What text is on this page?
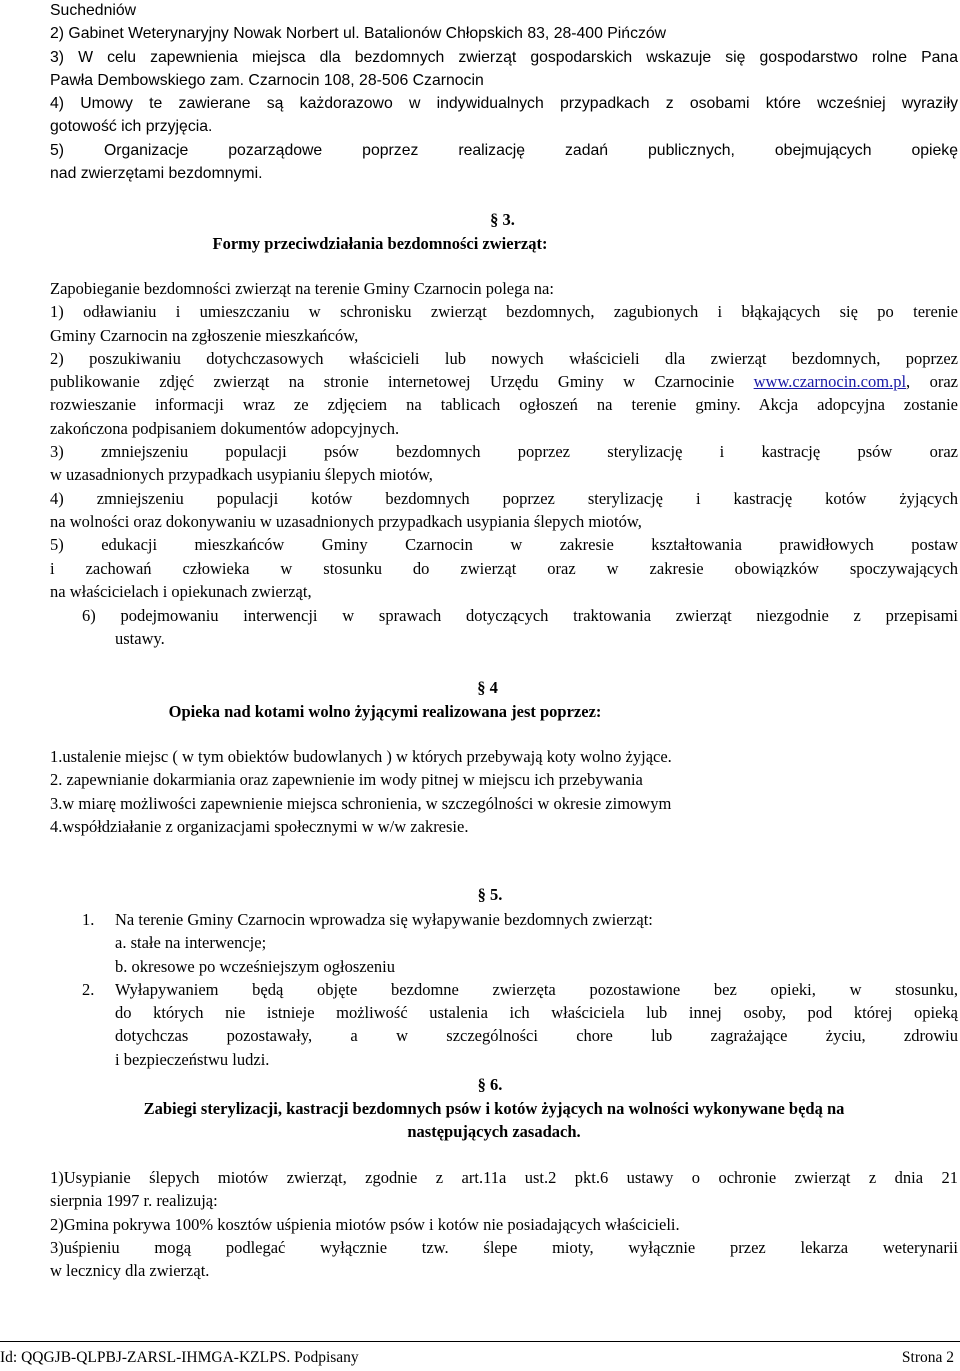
Suchedniów
2) Gabinet Weterynaryjny Nowak Norbert ul. Batalionów Chłopskich 83, 28-400 Pińczów
3) W celu zapewnienia miejsca dla bezdomnych zwierząt gospodarskich wskazuje się gospodarstwo rolne Pana
Pawła Dembowskiego zam. Czarnocin 108, 28-506 Czarnocin
4) Umowy te zawierane są każdorazowo w indywidualnych przypadkach z osobami które wcześniej wyraziły
gotowość ich przyjęcia.
5) Organizacje pozarządowe poprzez realizację zadań publicznych, obejmujących opiekę
nad zwierzętami bezdomnymi.
§ 3.
Formy przeciwdziałania bezdomności zwierząt:
Zapobieganie bezdomności zwierząt na terenie Gminy Czarnocin polega na:
1) odławianiu i umieszczaniu w schronisku zwierząt bezdomnych, zagubionych i błąkających się po terenie
Gminy Czarnocin na zgłoszenie mieszkańców,
2) poszukiwaniu dotychczasowych właścicieli lub nowych właścicieli dla zwierząt bezdomnych, poprzez
publikowanie zdjęć zwierząt na stronie internetowej Urzędu Gminy w Czarnocinie www.czarnocin.com.pl, oraz
rozwieszanie informacji wraz ze zdjęciem na tablicach ogłoszeń na terenie gminy. Akcja adopcyjna zostanie
zakończona podpisaniem dokumentów adopcyjnych.
3) zmniejszeniu populacji psów bezdomnych poprzez sterylizację i kastrację psów oraz
w uzasadnionych przypadkach usypianiu ślepych miotów,
4) zmniejszeniu populacji kotów bezdomnych poprzez sterylizację i kastrację kotów żyjących
na wolności oraz dokonywaniu w uzasadnionych przypadkach usypiania ślepych miotów,
5) edukacji mieszkańców Gminy Czarnocin w zakresie kształtowania prawidłowych postaw
i zachowań człowieka w stosunku do zwierząt oraz w zakresie obowiązków spoczywających
na właścicielach i opiekunach zwierząt,
6) podejmowaniu interwencji w sprawach dotyczących traktowania zwierząt niezgodnie z przepisami
ustawy.
§ 4
Opieka nad kotami wolno żyjącymi realizowana jest poprzez:
1.ustalenie miejsc ( w tym obiektów budowlanych ) w których przebywają koty wolno żyjące.
2. zapewnianie dokarmiania oraz zapewnienie im wody pitnej w miejscu ich przebywania
3.w miarę możliwości zapewnienie miejsca schronienia, w szczególności w okresie zimowym
4.współdziałanie z organizacjami społecznymi w w/w zakresie.
§ 5.
1. Na terenie Gminy Czarnocin wprowadza się wyłapywanie bezdomnych zwierząt:
a. stałe na interwencje;
b. okresowe po wcześniejszym ogłoszeniu
2. Wyłapywaniem będą objęte bezdomne zwierzęta pozostawione bez opieki, w stosunku,
do których nie istnieje możliwość ustalenia ich właściciela lub innej osoby, pod której opieką
dotychczas pozostawały, a w szczególności chore lub zagrażające życiu, zdrowiu
i bezpieczeństwu ludzi.
§ 6.
Zabiegi sterylizacji, kastracji bezdomnych psów i kotów żyjących na wolności wykonywane będą na
następujących zasadach.
1)Usypianie ślepych miotów zwierząt, zgodnie z art.11a ust.2 pkt.6 ustawy o ochronie zwierząt z dnia 21
sierpnia 1997 r. realizują:
2)Gmina pokrywa 100% kosztów uśpienia miotów psów i kotów nie posiadających właścicieli.
3)uśpieniu mogą podlegać wyłącznie tzw. ślepe mioty, wyłącznie przez lekarza weterynarii
w lecznicy dla zwierząt.
Id: QQGJB-QLPBJ-ZARSL-IHMGA-KZLPS. Podpisany	Strona 2
